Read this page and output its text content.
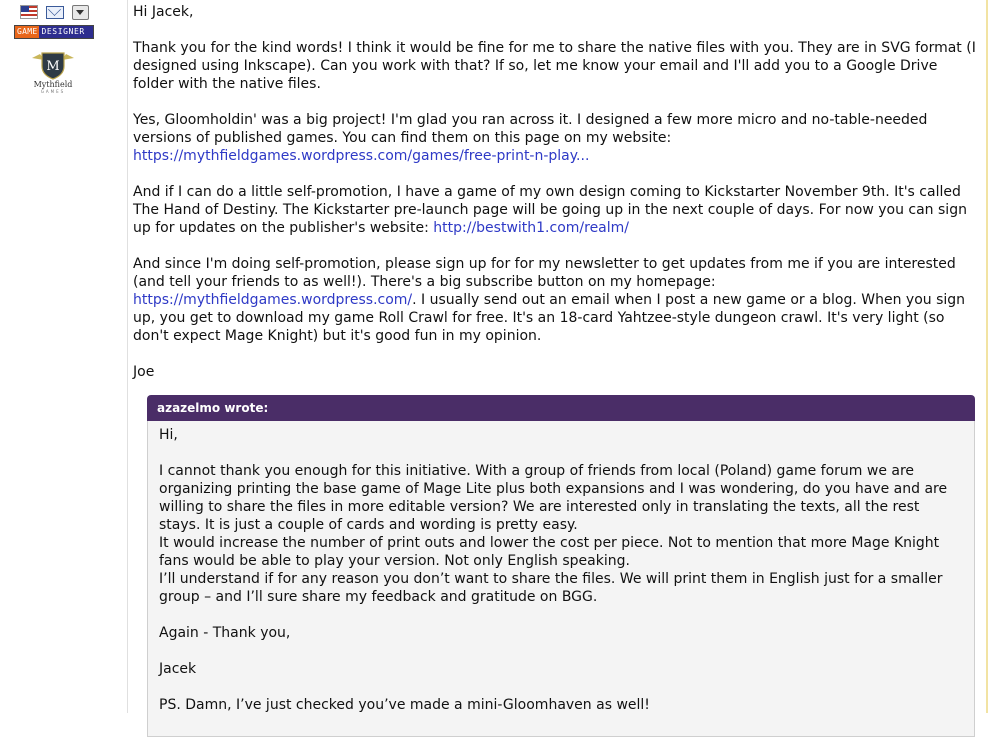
GAME DESIGNER
M
Mythfield
GAMES

Hi Jacek,

Thank you for the kind words! I think it would be fine for me to share the native files with you. They are in SVG format (I designed using Inkscape). Can you work with that? If so, let me know your email and I'll add you to a Google Drive folder with the native files.

Yes, Gloomholdin' was a big project! I'm glad you ran across it. I designed a few more micro and no-table-needed versions of published games. You can find them on this page on my website: https://mythfieldgames.wordpress.com/games/free-print-n-play...

And if I can do a little self-promotion, I have a game of my own design coming to Kickstarter November 9th. It's called The Hand of Destiny. The Kickstarter pre-launch page will be going up in the next couple of days. For now you can sign up for updates on the publisher's website: http://bestwith1.com/realm/

And since I'm doing self-promotion, please sign up for for my newsletter to get updates from me if you are interested (and tell your friends to as well!). There's a big subscribe button on my homepage: https://mythfieldgames.wordpress.com/. I usually send out an email when I post a new game or a blog. When you sign up, you get to download my game Roll Crawl for free. It's an 18-card Yahtzee-style dungeon crawl. It's very light (so don't expect Mage Knight) but it's good fun in my opinion.

Joe

azazelmo wrote:

Hi,

I cannot thank you enough for this initiative. With a group of friends from local (Poland) game forum we are organizing printing the base game of Mage Lite plus both expansions and I was wondering, do you have and are willing to share the files in more editable version? We are interested only in translating the texts, all the rest stays. It is just a couple of cards and wording is pretty easy.

It would increase the number of print outs and lower the cost per piece. Not to mention that more Mage Knight fans would be able to play your version. Not only English speaking.

I’ll understand if for any reason you don’t want to share the files. We will print them in English just for a smaller group – and I’ll sure share my feedback and gratitude on BGG.

Again - Thank you,

Jacek

PS. Damn, I’ve just checked you’ve made a mini-Gloomhaven as well!
